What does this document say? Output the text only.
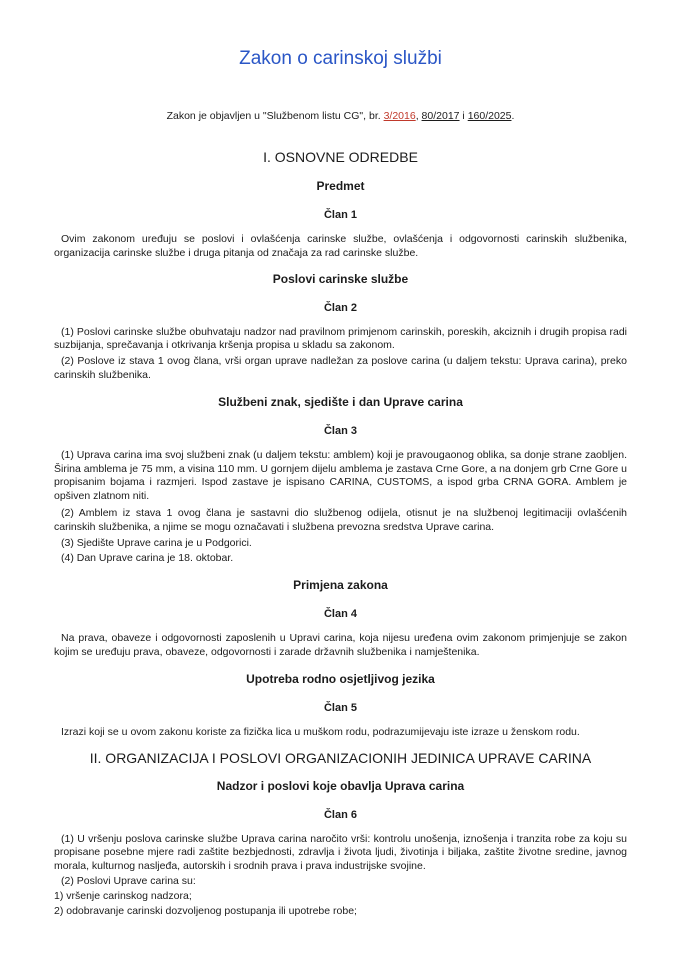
Zakon o carinskoj službi
Zakon je objavljen u "Službenom listu CG", br. 3/2016, 80/2017 i 160/2025.
I. OSNOVNE ODREDBE
Predmet
Član 1

Ovim zakonom uređuju se poslovi i ovlašćenja carinske službe, ovlašćenja i odgovornosti carinskih službenika, organizacija carinske službe i druga pitanja od značaja za rad carinske službe.

Poslovi carinske službe
Član 2

(1) Poslovi carinske službe obuhvataju nadzor nad pravilnom primjenom carinskih, poreskih, akciznih i drugih propisa radi suzbijanja, sprečavanja i otkrivanja kršenja propisa u skladu sa zakonom.

(2) Poslove iz stava 1 ovog člana, vrši organ uprave nadležan za poslove carina (u daljem tekstu: Uprava carina), preko carinskih službenika.

Službeni znak, sjedište i dan Uprave carina
Član 3

(1) Uprava carina ima svoj službeni znak (u daljem tekstu: amblem) koji je pravougaonog oblika, sa donje strane zaobljen. Širina amblema je 75 mm, a visina 110 mm. U gornjem dijelu amblema je zastava Crne Gore, a na donjem grb Crne Gore u propisanim bojama i razmjeri. Ispod zastave je ispisano CARINA, CUSTOMS, a ispod grba CRNA GORA. Amblem je opšiven zlatnom niti.

(2) Amblem iz stava 1 ovog člana je sastavni dio službenog odijela, otisnut je na službenoj legitimaciji ovlašćenih carinskih službenika, a njime se mogu označavati i službena prevozna sredstva Uprave carina.

(3) Sjedište Uprave carina je u Podgorici.

(4) Dan Uprave carina je 18. oktobar.

Primjena zakona
Član 4

Na prava, obaveze i odgovornosti zaposlenih u Upravi carina, koja nijesu uređena ovim zakonom primjenjuje se zakon kojim se uređuju prava, obaveze, odgovornosti i zarade državnih službenika i namještenika.

Upotreba rodno osjetljivog jezika
Član 5

Izrazi koji se u ovom zakonu koriste za fizička lica u muškom rodu, podrazumijevaju iste izraze u ženskom rodu.

II. ORGANIZACIJA I POSLOVI ORGANIZACIONIH JEDINICA UPRAVE CARINA
Nadzor i poslovi koje obavlja Uprava carina
Član 6

(1) U vršenju poslova carinske službe Uprava carina naročito vrši: kontrolu unošenja, iznošenja i tranzita robe za koju su propisane posebne mjere radi zaštite bezbjednosti, zdravlja i života ljudi, životinja i biljaka, zaštite životne sredine, javnog morala, kulturnog nasljeđa, autorskih i srodnih prava i prava industrijske svojine.

(2) Poslovi Uprave carina su:

1) vršenje carinskog nadzora;

2) odobravanje carinski dozvoljenog postupanja ili upotrebe robe;
